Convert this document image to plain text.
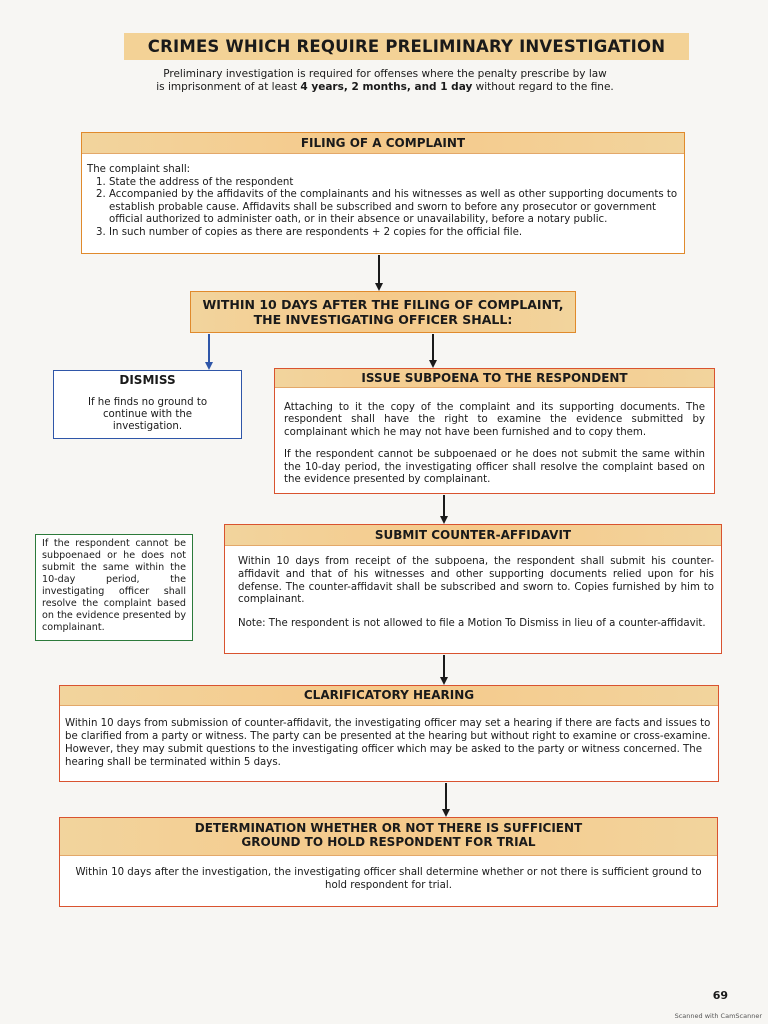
CRIMES WHICH REQUIRE PRELIMINARY INVESTIGATION
Preliminary investigation is required for offenses where the penalty prescribe by law
is imprisonment of at least 4 years, 2 months, and 1 day without regard to the fine.
FILING OF A COMPLAINT
The complaint shall:
1. State the address of the respondent
2. Accompanied by the affidavits of the complainants and his witnesses as well as other supporting documents to establish probable cause. Affidavits shall be subscribed and sworn to before any prosecutor or government official authorized to administer oath, or in their absence or unavailability, before a notary public.
3. In such number of copies as there are respondents + 2 copies for the official file.
WITHIN 10 DAYS AFTER THE FILING OF COMPLAINT,
THE INVESTIGATING OFFICER SHALL:
DISMISS
If he finds no ground to continue with the investigation.
ISSUE SUBPOENA TO THE RESPONDENT
Attaching to it the copy of the complaint and its supporting documents. The respondent shall have the right to examine the evidence submitted by complainant which he may not have been furnished and to copy them.
If the respondent cannot be subpoenaed or he does not submit the same within the 10-day period, the investigating officer shall resolve the complaint based on the evidence presented by complainant.
If the respondent cannot be subpoenaed or he does not submit the same within the 10-day period, the investigating officer shall resolve the complaint based on the evidence presented by complainant.
SUBMIT COUNTER-AFFIDAVIT
Within 10 days from receipt of the subpoena, the respondent shall submit his counter-affidavit and that of his witnesses and other supporting documents relied upon for his defense. The counter-affidavit shall be subscribed and sworn to. Copies furnished by him to complainant.
Note: The respondent is not allowed to file a Motion To Dismiss in lieu of a counter-affidavit.
CLARIFICATORY HEARING
Within 10 days from submission of counter-affidavit, the investigating officer may set a hearing if there are facts and issues to be clarified from a party or witness. The party can be presented at the hearing but without right to examine or cross-examine. However, they may submit questions to the investigating officer which may be asked to the party or witness concerned. The hearing shall be terminated within 5 days.
DETERMINATION WHETHER OR NOT THERE IS SUFFICIENT
GROUND TO HOLD RESPONDENT FOR TRIAL
Within 10 days after the investigation, the investigating officer shall determine whether or not there is sufficient ground to hold respondent for trial.
69
Scanned with CamScanner
